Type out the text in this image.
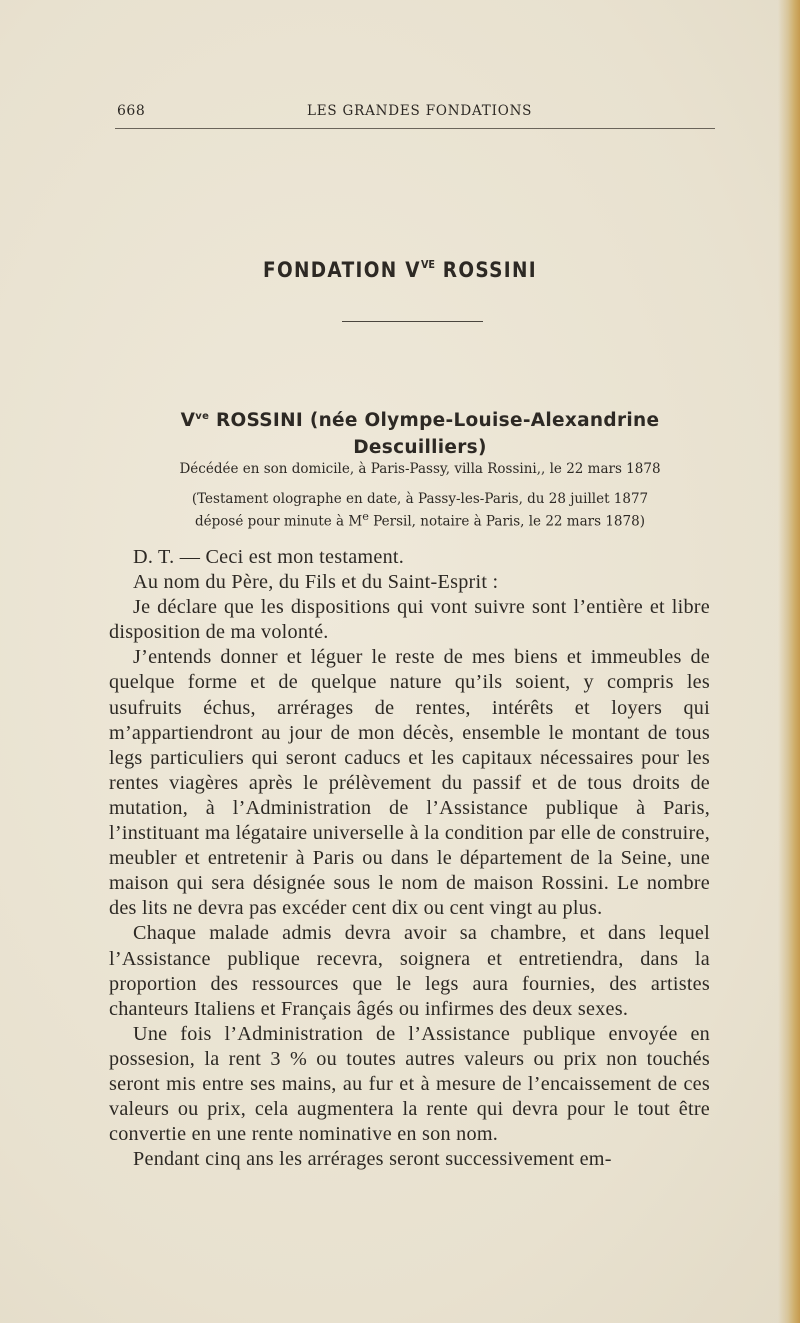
668	LES GRANDES FONDATIONS
FONDATION $V^{VE}$ ROSSINI
$V^{ve}$ ROSSINI (née Olympe-Louise-Alexandrine
Descuilliers)
Décédée en son domicile, à Paris-Passy, villa Rossini,, le 22 mars 1878
(Testament olographe en date, à Passy-les-Paris, du 28 juillet 1877
déposé pour minute à Me Persil, notaire à Paris, le 22 mars 1878)

D. T. — Ceci est mon testament.

Au nom du Père, du Fils et du Saint-Esprit :

Je déclare que les dispositions qui vont suivre sont l’entière et libre disposition de ma volonté.

J’entends donner et léguer le reste de mes biens et immeubles de quelque forme et de quelque nature qu’ils soient, y compris les usufruits échus, arrérages de rentes, intérêts et loyers qui m’appartiendront au jour de mon décès, ensemble le montant de tous legs particuliers qui seront caducs et les capitaux nécessaires pour les rentes viagères après le prélèvement du passif et de tous droits de mutation, à l’Administration de l’Assistance publique à Paris, l’instituant ma légataire universelle à la condition par elle de construire, meubler et entretenir à Paris ou dans le département de la Seine, une maison qui sera désignée sous le nom de maison Rossini. Le nombre des lits ne devra pas excéder cent dix ou cent vingt au plus.

Chaque malade admis devra avoir sa chambre, et dans lequel l’Assistance publique recevra, soignera et entretiendra, dans la proportion des ressources que le legs aura fournies, des artistes chanteurs Italiens et Français âgés ou infirmes des deux sexes.

Une fois l’Administration de l’Assistance publique envoyée en possesion, la rent 3 % ou toutes autres valeurs ou prix non touchés seront mis entre ses mains, au fur et à mesure de l’encaissement de ces valeurs ou prix, cela augmentera la rente qui devra pour le tout être convertie en une rente nominative en son nom.

Pendant cinq ans les arrérages seront successivement em-
